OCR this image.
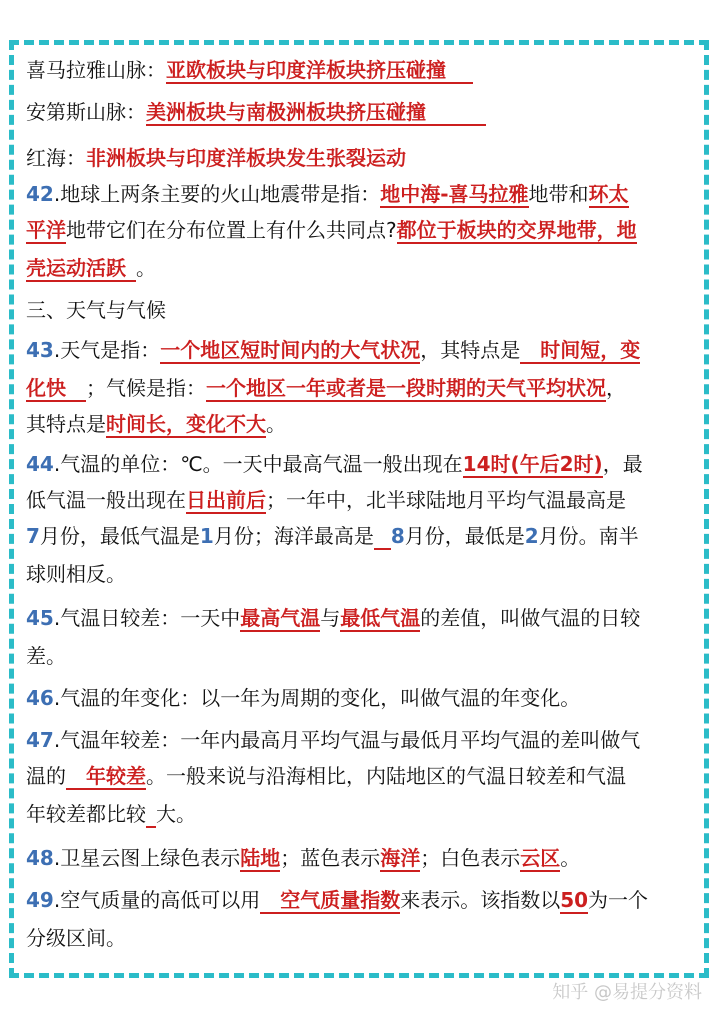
喜马拉雅山脉：亚欧板块与印度洋板块挤压碰撞 
安第斯山脉：美洲板块与南极洲板块挤压碰撞   
红海：非洲板块与印度洋板块发生张裂运动
42.地球上两条主要的火山地震带是指：地中海-喜马拉雅地带和环太
平洋地带它们在分布位置上有什么共同点?都位于板块的交界地带，地
壳运动活跃  。
三、天气与气候
43.天气是指：一个地区短时间内的大气状况，其特点是  时间短，变
化快  ；气候是指：一个地区一年或者是一段时期的天气平均状况，
其特点是时间长，变化不大。
44.气温的单位：℃。一天中最高气温一般出现在14时(午后2时)，最
低气温一般出现在日出前后；一年中，北半球陆地月平均气温最高是
7月份，最低气温是1月份；海洋最高是  8月份，最低是2月份。南半
球则相反。
45.气温日较差：一天中最高气温与最低气温的差值，叫做气温的日较
差。
46.气温的年变化：以一年为周期的变化，叫做气温的年变化。
47.气温年较差：一年内最高月平均气温与最低月平均气温的差叫做气
温的  年较差。一般来说与沿海相比，内陆地区的气温日较差和气温
年较差都比较  大。
48.卫星云图上绿色表示陆地；蓝色表示海洋；白色表示云区。
49.空气质量的高低可以用  空气质量指数来表示。该指数以50为一个
分级区间。
知乎 @易提分资料
